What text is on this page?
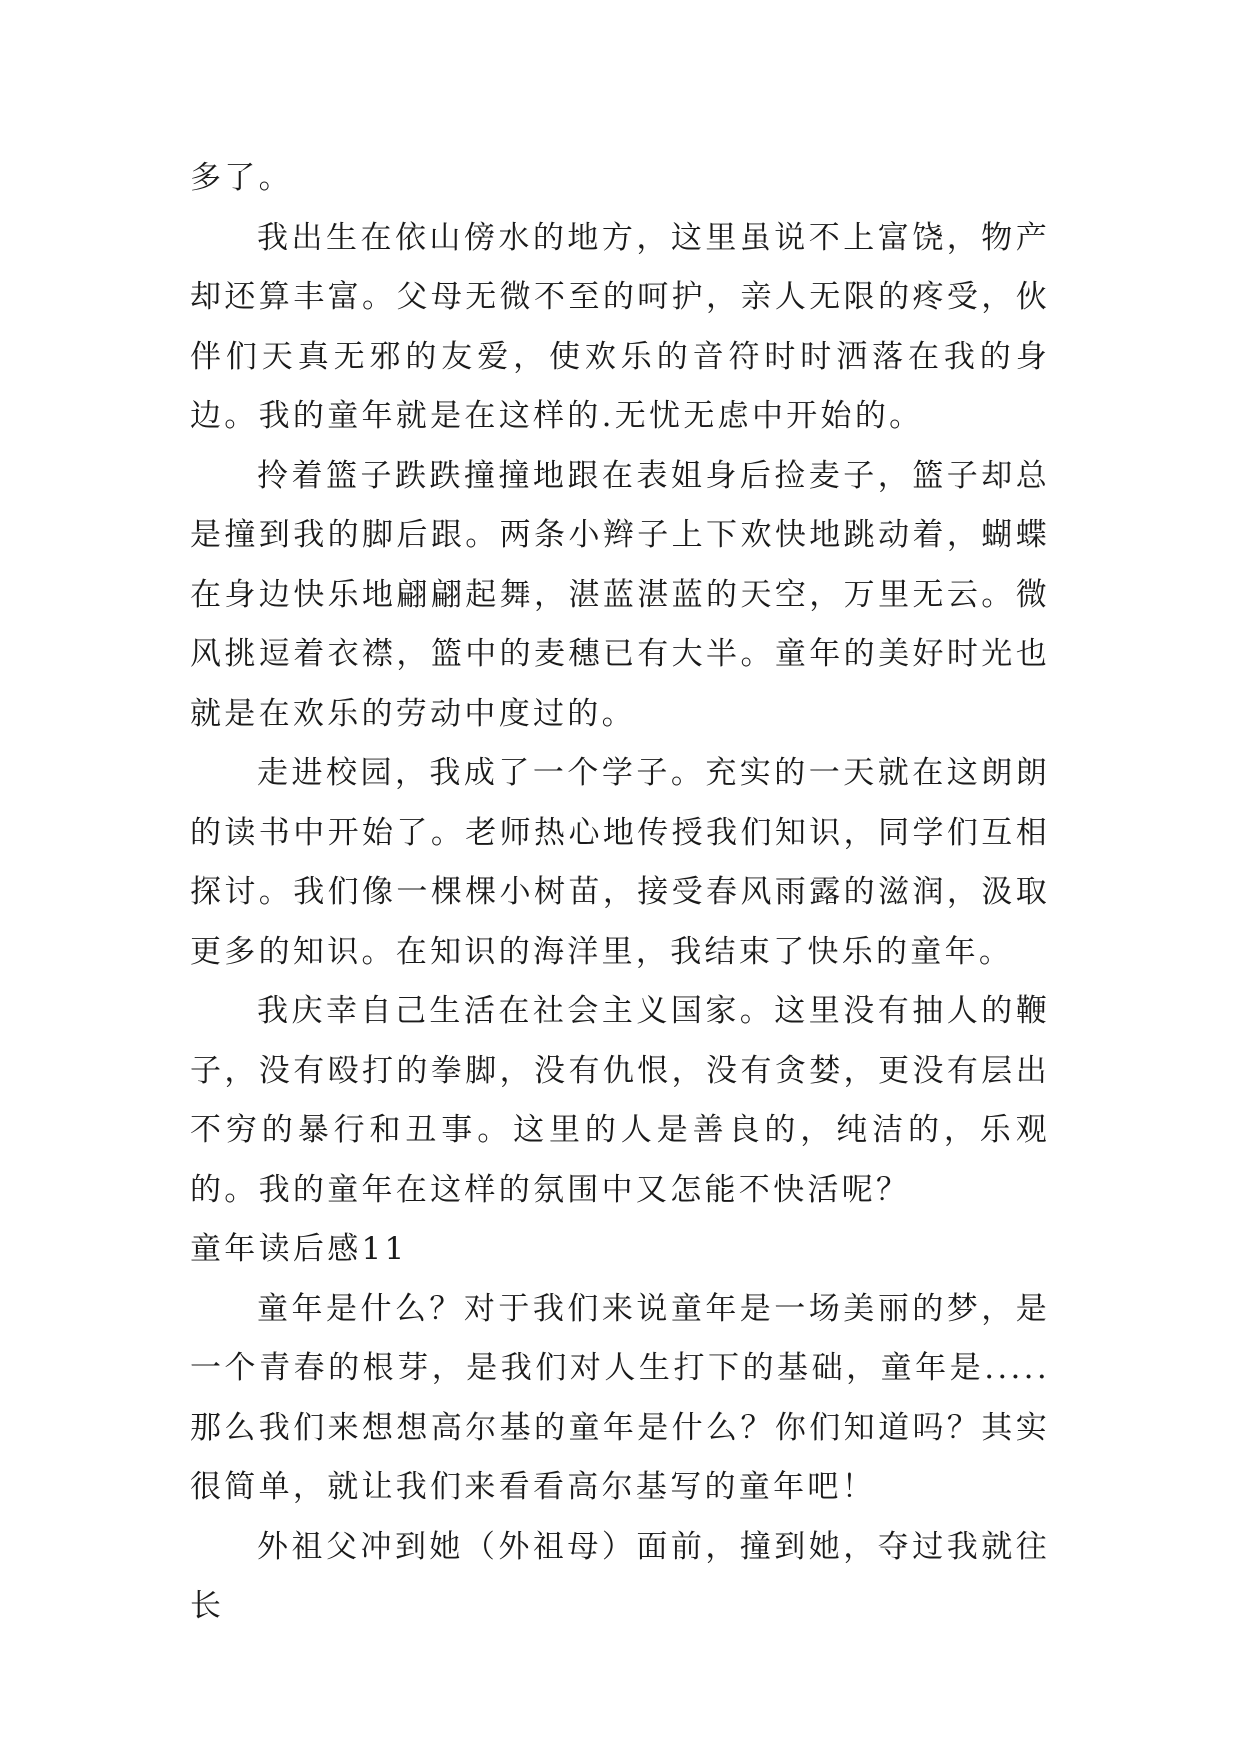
多了。

我出生在依山傍水的地方，这里虽说不上富饶，物产却还算丰富。父母无微不至的呵护，亲人无限的疼受，伙伴们天真无邪的友爱，使欢乐的音符时时洒落在我的身边。我的童年就是在这样的.无忧无虑中开始的。

拎着篮子跌跌撞撞地跟在表姐身后捡麦子，篮子却总是撞到我的脚后跟。两条小辫子上下欢快地跳动着，蝴蝶在身边快乐地翩翩起舞，湛蓝湛蓝的天空，万里无云。微风挑逗着衣襟，篮中的麦穗已有大半。童年的美好时光也就是在欢乐的劳动中度过的。

走进校园，我成了一个学子。充实的一天就在这朗朗的读书中开始了。老师热心地传授我们知识，同学们互相探讨。我们像一棵棵小树苗，接受春风雨露的滋润，汲取更多的知识。在知识的海洋里，我结束了快乐的童年。

我庆幸自己生活在社会主义国家。这里没有抽人的鞭子，没有殴打的拳脚，没有仇恨，没有贪婪，更没有层出不穷的暴行和丑事。这里的人是善良的，纯洁的，乐观的。我的童年在这样的氛围中又怎能不快活呢？

童年读后感11

童年是什么？对于我们来说童年是一场美丽的梦，是一个青春的根芽，是我们对人生打下的基础，童年是.....那么我们来想想高尔基的童年是什么？你们知道吗？其实很简单，就让我们来看看高尔基写的童年吧！

外祖父冲到她（外祖母）面前，撞到她，夺过我就往长
